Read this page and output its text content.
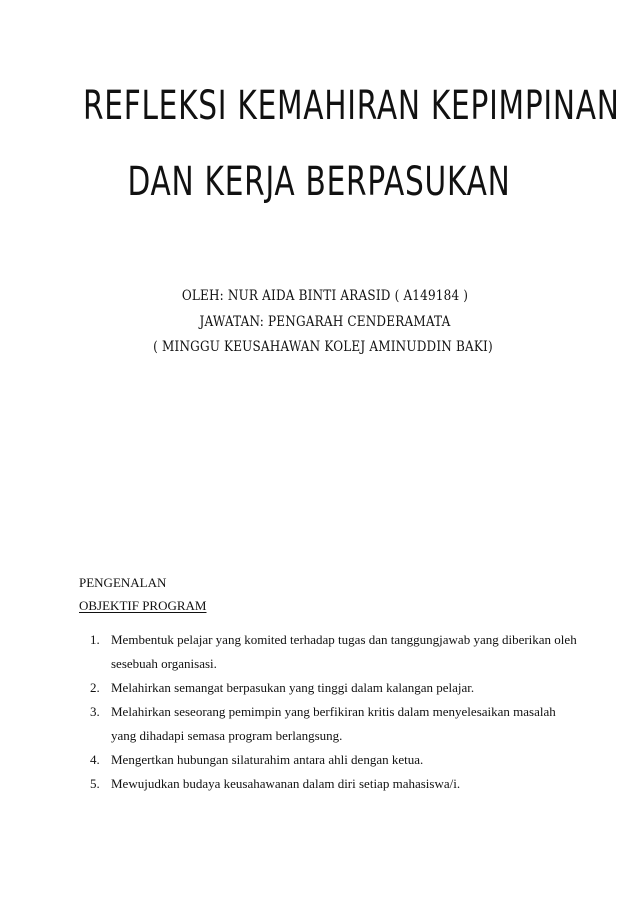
REFLEKSI KEMAHIRAN KEPIMPINAN
DAN KERJA BERPASUKAN
OLEH: NUR AIDA BINTI ARASID ( A149184 )
JAWATAN: PENGARAH CENDERAMATA
( MINGGU KEUSAHAWAN KOLEJ AMINUDDIN BAKI)
PENGENALAN
OBJEKTIF PROGRAM
1. Membentuk pelajar yang komited terhadap tugas dan tanggungjawab yang diberikan oleh sesebuah organisasi.
2. Melahirkan semangat berpasukan yang tinggi dalam kalangan pelajar.
3. Melahirkan seseorang pemimpin yang berfikiran kritis dalam menyelesaikan masalah yang dihadapi semasa program berlangsung.
4. Mengertkan hubungan silaturahim antara ahli dengan ketua.
5. Mewujudkan budaya keusahawanan dalam diri setiap mahasiswa/i.
